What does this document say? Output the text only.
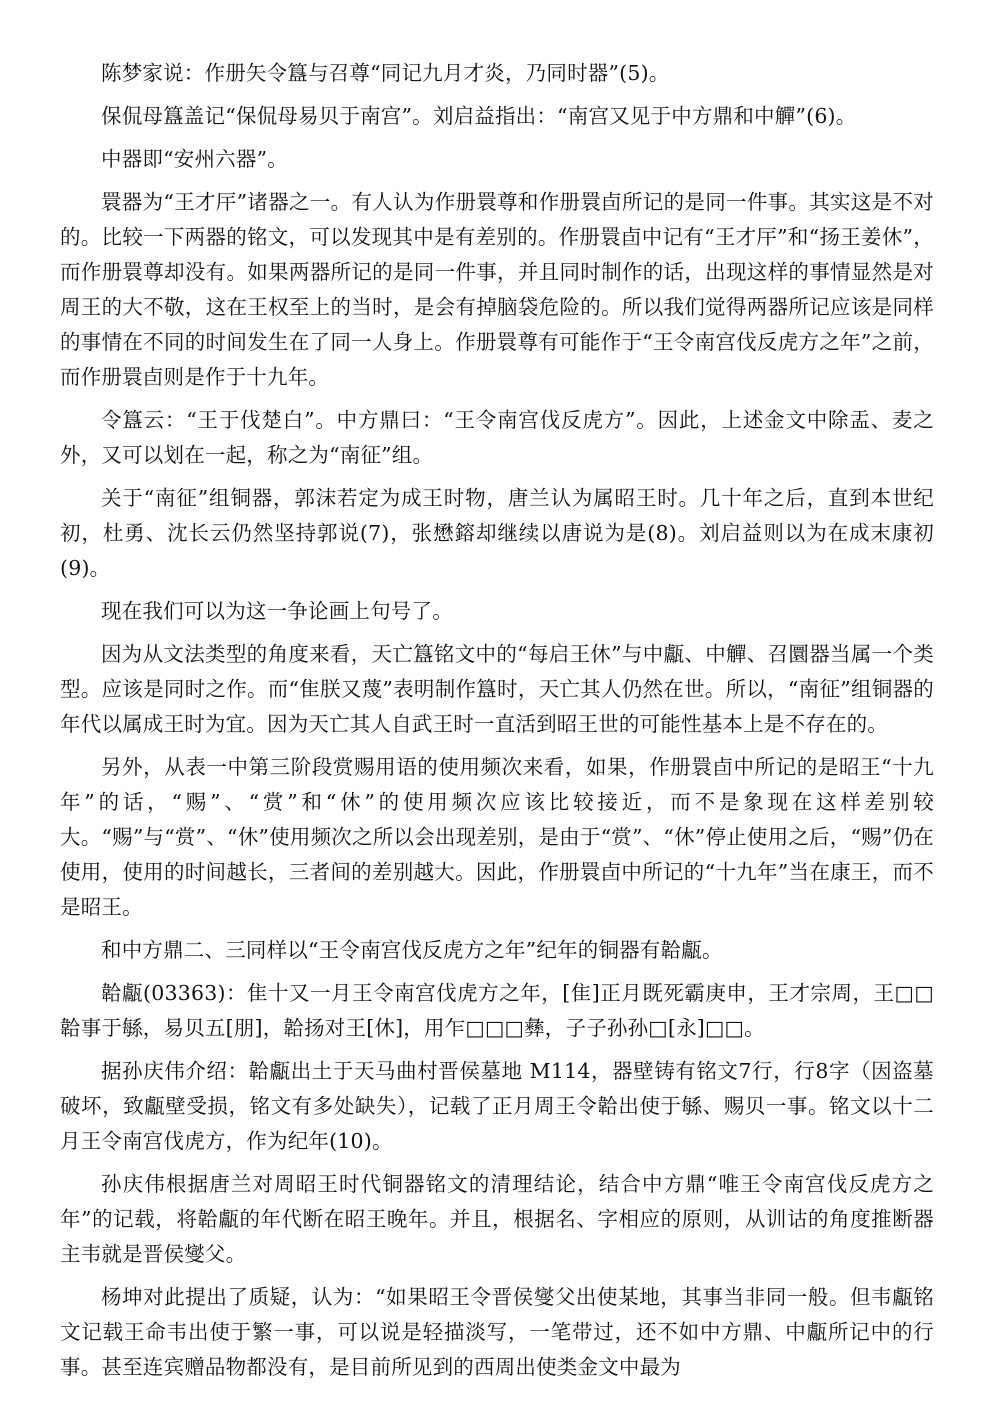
陈梦家说：作册矢令簋与召尊“同记九月才炎，乃同时器”(5)。

保侃母簋盖记“保侃母易贝于南宫”。刘启益指出：“南宫又见于中方鼎和中觶”(6)。

中器即“安州六器”。

睘器为“王才厈”诸器之一。有人认为作册睘尊和作册睘卣所记的是同一件事。其实这是不对的。比较一下两器的铭文，可以发现其中是有差别的。作册睘卣中记有“王才厈”和“扬王姜休”，而作册睘尊却没有。如果两器所记的是同一件事，并且同时制作的话，出现这样的事情显然是对周王的大不敬，这在王权至上的当时，是会有掉脑袋危险的。所以我们觉得两器所记应该是同样的事情在不同的时间发生在了同一人身上。作册睘尊有可能作于“王令南宫伐反虎方之年”之前，而作册睘卣则是作于十九年。

令簋云：“王于伐楚白”。中方鼎曰：“王令南宫伐反虎方”。因此，上述金文中除盂、麦之外，又可以划在一起，称之为“南征”组。

关于“南征”组铜器，郭沫若定为成王时物，唐兰认为属昭王时。几十年之后，直到本世纪初，杜勇、沈长云仍然坚持郭说(7)，张懋鎔却继续以唐说为是(8)。刘启益则以为在成末康初(9)。

现在我们可以为这一争论画上句号了。

因为从文法类型的角度来看，天亡簋铭文中的“每启王休”与中甗、中觶、召圜器当属一个类型。应该是同时之作。而“隹朕又蔑”表明制作簋时，天亡其人仍然在世。所以，“南征”组铜器的年代以属成王时为宜。因为天亡其人自武王时一直活到昭王世的可能性基本上是不存在的。

另外，从表一中第三阶段赏赐用语的使用频次来看，如果，作册睘卣中所记的是昭王“十九年”的话，“赐”、“赏”和“休”的使用频次应该比较接近，而不是象现在这样差别较大。“赐”与“赏”、“休”使用频次之所以会出现差别，是由于“赏”、“休”停止使用之后，“赐”仍在使用，使用的时间越长，三者间的差别越大。因此，作册睘卣中所记的“十九年”当在康王，而不是昭王。

和中方鼎二、三同样以“王令南宫伐反虎方之年”纪年的铜器有韐甗。

韐甗(03363)：隹十又一月王令南宫伐虎方之年，[隹]正月既死霸庚申，王才宗周，王□□韐事于緐，易贝五[朋]，韐扬对王[休]，用乍□□□彝，子子孙孙□[永]□□。

据孙庆伟介绍：韐甗出土于天马曲村晋侯墓地 M114，器壁铸有铭文7行，行8字（因盗墓破坏，致甗壁受损，铭文有多处缺失），记载了正月周王令韐出使于緐、赐贝一事。铭文以十二月王令南宫伐虎方，作为纪年(10)。

孙庆伟根据唐兰对周昭王时代铜器铭文的清理结论，结合中方鼎“唯王令南宫伐反虎方之年”的记载，将韐甗的年代断在昭王晚年。并且，根据名、字相应的原则，从训诂的角度推断器主韦就是晋侯燮父。

杨坤对此提出了质疑，认为：“如果昭王令晋侯燮父出使某地，其事当非同一般。但韦甗铭文记载王命韦出使于繁一事，可以说是轻描淡写，一笔带过，还不如中方鼎、中甗所记中的行事。甚至连宾赠品物都没有，是目前所见到的西周出使类金文中最为
